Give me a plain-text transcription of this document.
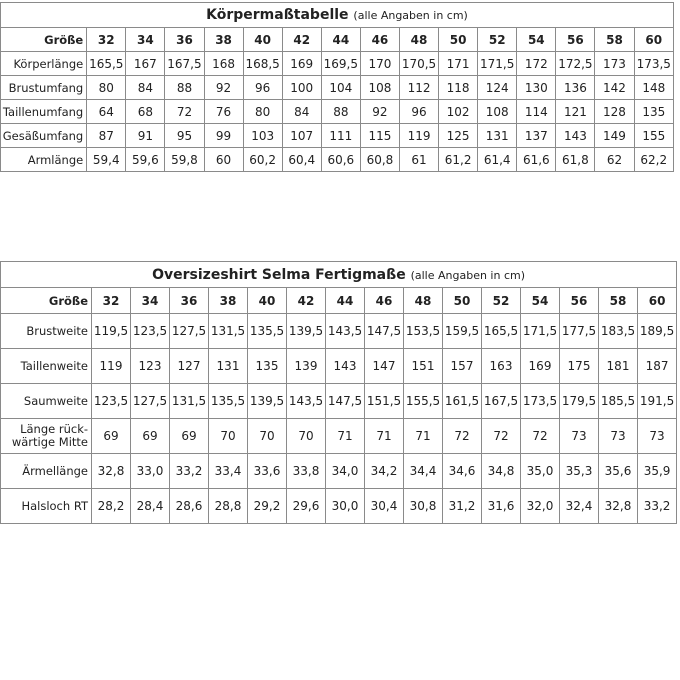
Körpermaßtabelle (alle Angaben in cm)															
Größe	32	34	36	38	40	42	44	46	48	50	52	54	56	58	60
Körperlänge	165,5	167	167,5	168	168,5	169	169,5	170	170,5	171	171,5	172	172,5	173	173,5
Brustumfang	80	84	88	92	96	100	104	108	112	118	124	130	136	142	148
Taillenumfang	64	68	72	76	80	84	88	92	96	102	108	114	121	128	135
Gesäßumfang	87	91	95	99	103	107	111	115	119	125	131	137	143	149	155
Armlänge	59,4	59,6	59,8	60	60,2	60,4	60,6	60,8	61	61,2	61,4	61,6	61,8	62	62,2
Oversizeshirt Selma Fertigmaße (alle Angaben in cm)															
Größe	32	34	36	38	40	42	44	46	48	50	52	54	56	58	60
Brustweite	119,5	123,5	127,5	131,5	135,5	139,5	143,5	147,5	153,5	159,5	165,5	171,5	177,5	183,5	189,5
Taillenweite	119	123	127	131	135	139	143	147	151	157	163	169	175	181	187
Saumweite	123,5	127,5	131,5	135,5	139,5	143,5	147,5	151,5	155,5	161,5	167,5	173,5	179,5	185,5	191,5
Länge rück-wärtige Mitte	69	69	69	70	70	70	71	71	71	72	72	72	73	73	73
Ärmellänge	32,8	33,0	33,2	33,4	33,6	33,8	34,0	34,2	34,4	34,6	34,8	35,0	35,3	35,6	35,9
Halsloch RT	28,2	28,4	28,6	28,8	29,2	29,6	30,0	30,4	30,8	31,2	31,6	32,0	32,4	32,8	33,2
